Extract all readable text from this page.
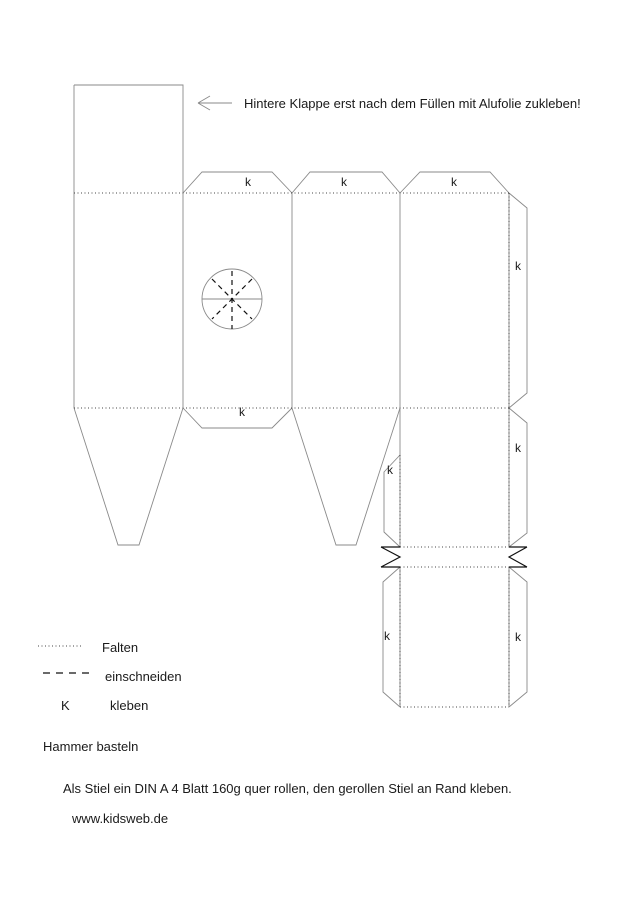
Hintere Klappe erst nach dem Füllen mit Alufolie zukleben!
k	k	k
k
k
k
k
k	k
Falten
einschneiden
K	kleben
Hammer basteln
Als Stiel ein DIN A 4 Blatt 160g quer rollen, den gerollen Stiel an Rand kleben.
www.kidsweb.de
